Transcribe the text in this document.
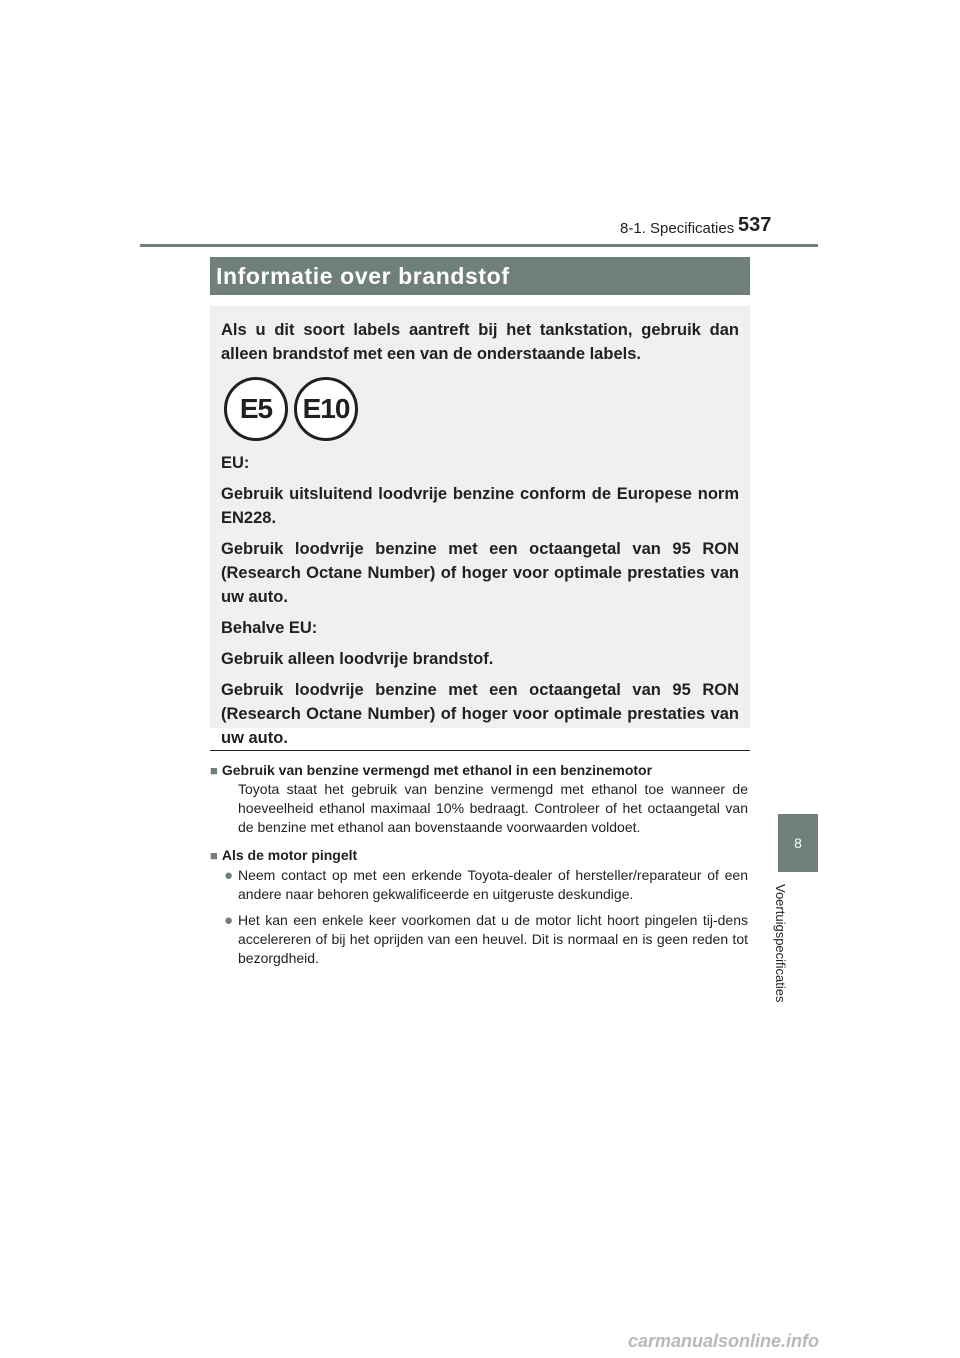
8-1. Specificaties 537
8
Voertuigspecificaties
Informatie over brandstof

Als u dit soort labels aantreft bij het tankstation, gebruik dan alleen brandstof met een van de onderstaande labels.

E5	E10

EU:

Gebruik uitsluitend loodvrije benzine conform de Europese norm EN228.

Gebruik loodvrije benzine met een octaangetal van 95 RON (Research Octane Number) of hoger voor optimale prestaties van uw auto.

Behalve EU:

Gebruik alleen loodvrije brandstof.

Gebruik loodvrije benzine met een octaangetal van 95 RON (Research Octane Number) of hoger voor optimale prestaties van uw auto.

■ Gebruik van benzine vermengd met ethanol in een benzinemotor
Toyota staat het gebruik van benzine vermengd met ethanol toe wanneer de hoeveelheid ethanol maximaal 10% bedraagt. Controleer of het octaangetal van de benzine met ethanol aan bovenstaande voorwaarden voldoet.
■ Als de motor pingelt
● Neem contact op met een erkende Toyota-dealer of hersteller/reparateur of een andere naar behoren gekwalificeerde en uitgeruste deskundige.
● Het kan een enkele keer voorkomen dat u de motor licht hoort pingelen tij-dens accelereren of bij het oprijden van een heuvel. Dit is normaal en is geen reden tot bezorgdheid.
carmanualsonline.info
